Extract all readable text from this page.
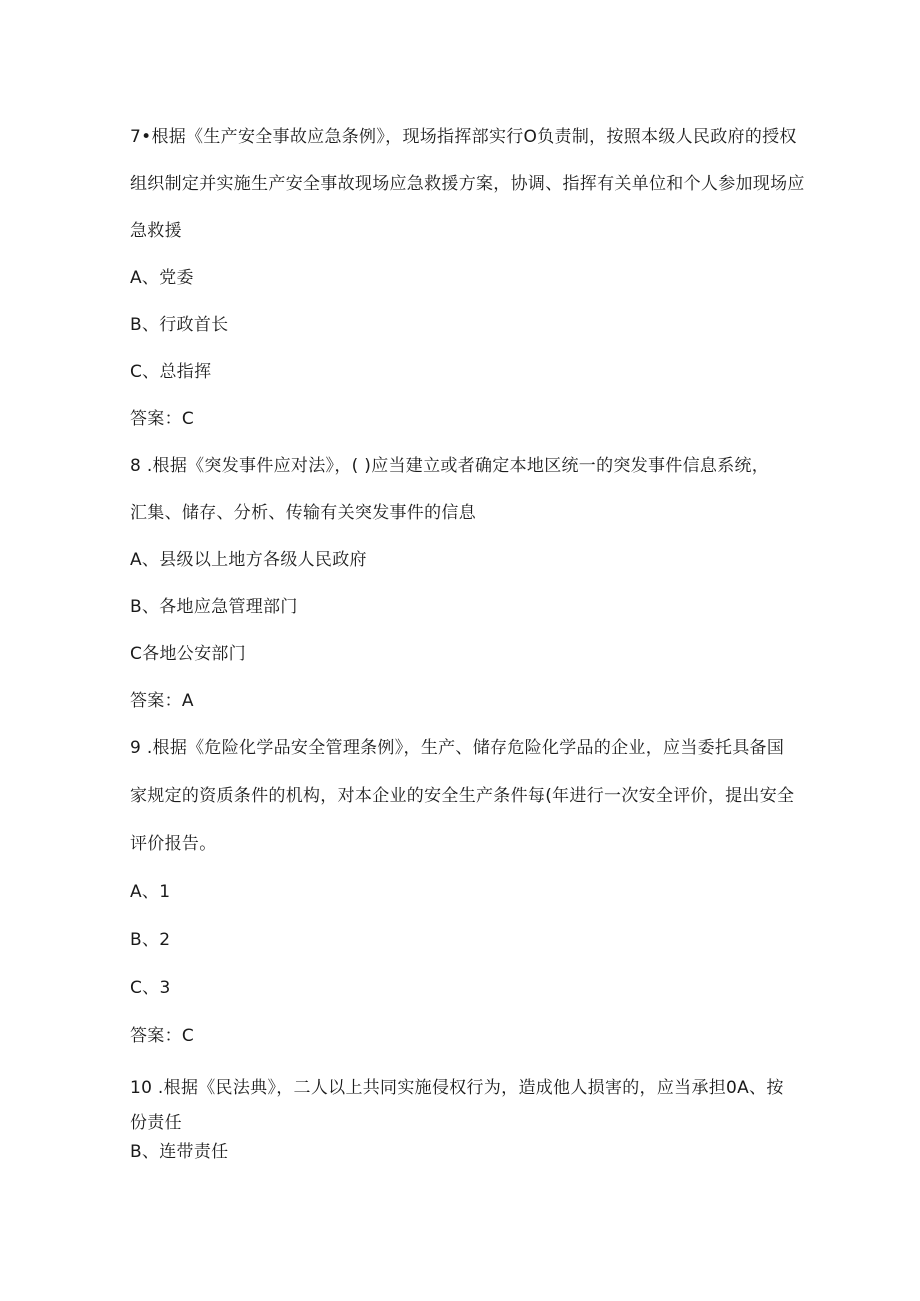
7•根据《生产安全事故应急条例》，现场指挥部实行O负责制，按照本级人民政府的授权
组织制定并实施生产安全事故现场应急救援方案，协调、指挥有关单位和个人参加现场应
急救援
A、党委
B、行政首长
C、总指挥
答案：C
8 .根据《突发事件应对法》，( )应当建立或者确定本地区统一的突发事件信息系统，
汇集、储存、分析、传输有关突发事件的信息
A、县级以上地方各级人民政府
B、各地应急管理部门
C各地公安部门
答案：A
9 .根据《危险化学品安全管理条例》，生产、储存危险化学品的企业，应当委托具备国
家规定的资质条件的机构，对本企业的安全生产条件每(年进行一次安全评价，提出安全
评价报告。
A、1
B、2
C、3
答案：C
10 .根据《民法典》，二人以上共同实施侵权行为，造成他人损害的，应当承担0A、按
份责任
B、连带责任
